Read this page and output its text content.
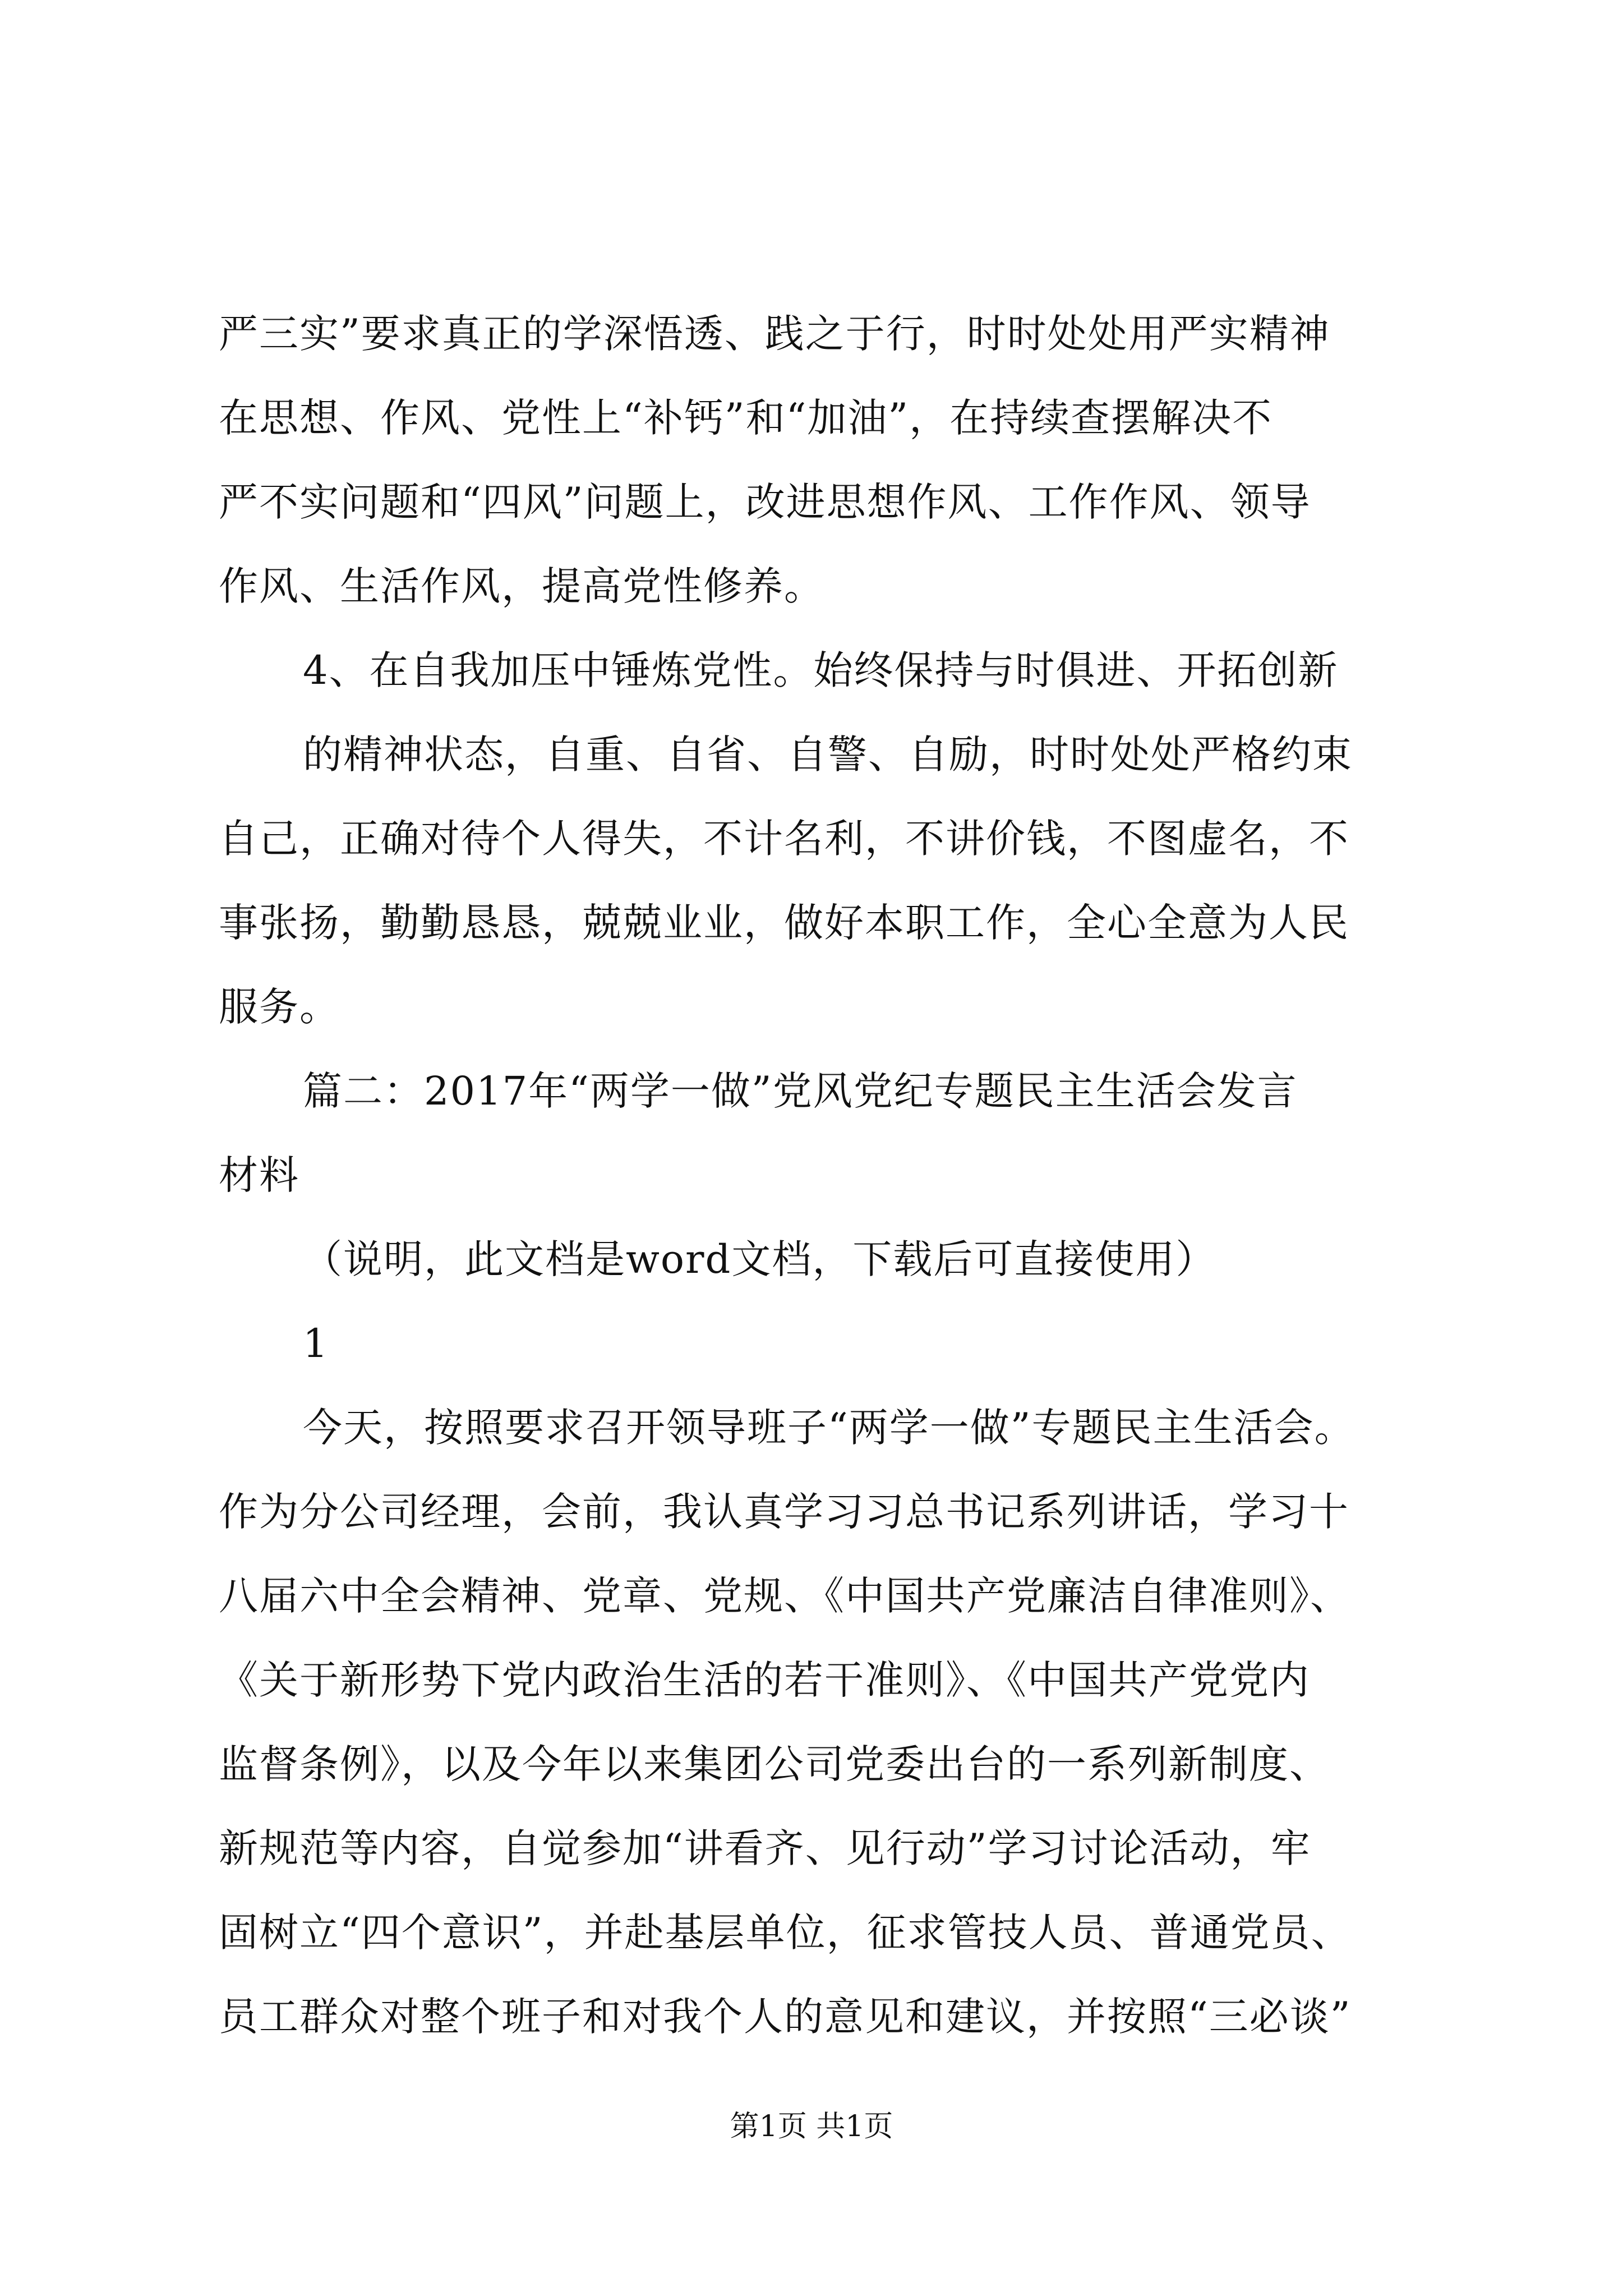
严三实”要求真正的学深悟透、践之于行，时时处处用严实精神
在思想、作风、党性上“补钙”和“加油”，在持续查摆解决不
严不实问题和“四风”问题上，改进思想作风、工作作风、领导
作风、生活作风，提高党性修养。
4、在自我加压中锤炼党性。始终保持与时俱进、开拓创新
的精神状态，自重、自省、自警、自励，时时处处严格约束
自己，正确对待个人得失，不计名利，不讲价钱，不图虚名，不
事张扬，勤勤恳恳，兢兢业业，做好本职工作，全心全意为人民
服务。
篇二：2017年“两学一做”党风党纪专题民主生活会发言
材料
（说明，此文档是word文档，下载后可直接使用）
1
今天，按照要求召开领导班子“两学一做”专题民主生活会。
作为分公司经理，会前，我认真学习习总书记系列讲话，学习十
八届六中全会精神、党章、党规、《中国共产党廉洁自律准则》、
《关于新形势下党内政治生活的若干准则》、《中国共产党党内
监督条例》，以及今年以来集团公司党委出台的一系列新制度、
新规范等内容，自觉参加“讲看齐、见行动”学习讨论活动，牢
固树立“四个意识”，并赴基层单位，征求管技人员、普通党员、
员工群众对整个班子和对我个人的意见和建议，并按照“三必谈”
第1页 共1页
